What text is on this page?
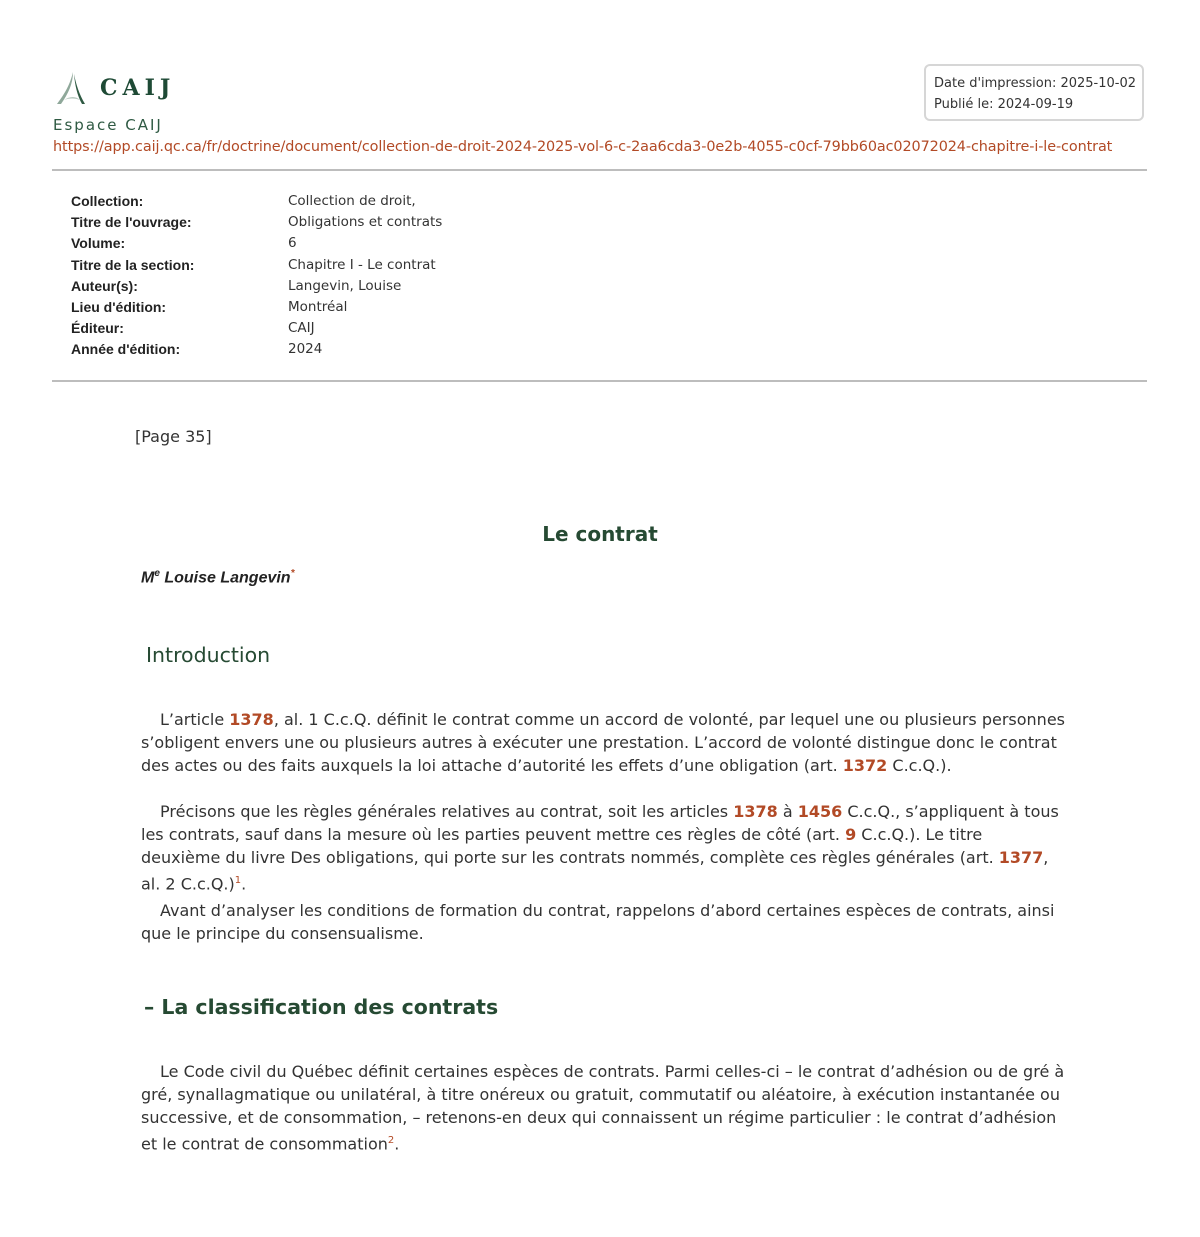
CAIJ
Espace CAIJ
https://app.caij.qc.ca/fr/doctrine/document/collection-de-droit-2024-2025-vol-6-c-2aa6cda3-0e2b-4055-c0cf-79bb60ac02072024-chapitre-i-le-contrat
Date d'impression: 2025-10-02
Publié le: 2024-09-19
Collection:	Collection de droit,
Titre de l'ouvrage:	Obligations et contrats
Volume:	6
Titre de la section:	Chapitre I - Le contrat
Auteur(s):	Langevin, Louise
Lieu d'édition:	Montréal
Éditeur:	CAIJ
Année d'édition:	2024
[Page 35]
Le contrat
Me Louise Langevin*
Introduction

L’article 1378, al. 1 C.c.Q. définit le contrat comme un accord de volonté, par lequel une ou plusieurs personnes s’obligent envers une ou plusieurs autres à exécuter une prestation. L’accord de volonté distingue donc le contrat des actes ou des faits auxquels la loi attache d’autorité les effets d’une obligation (art. 1372 C.c.Q.).

Précisons que les règles générales relatives au contrat, soit les articles 1378 à 1456 C.c.Q., s’appliquent à tous les contrats, sauf dans la mesure où les parties peuvent mettre ces règles de côté (art. 9 C.c.Q.). Le titre deuxième du livre Des obligations, qui porte sur les contrats nommés, complète ces règles générales (art. 1377, al. 2 C.c.Q.)$^1$.

Avant d’analyser les conditions de formation du contrat, rappelons d’abord certaines espèces de contrats, ainsi que le principe du consensualisme.

– La classification des contrats

Le Code civil du Québec définit certaines espèces de contrats. Parmi celles-ci – le contrat d’adhésion ou de gré à gré, synallagmatique ou unilatéral, à titre onéreux ou gratuit, commutatif ou aléatoire, à exécution instantanée ou successive, et de consommation, – retenons-en deux qui connaissent un régime particulier : le contrat d’adhésion et le contrat de consommation$^2$.
